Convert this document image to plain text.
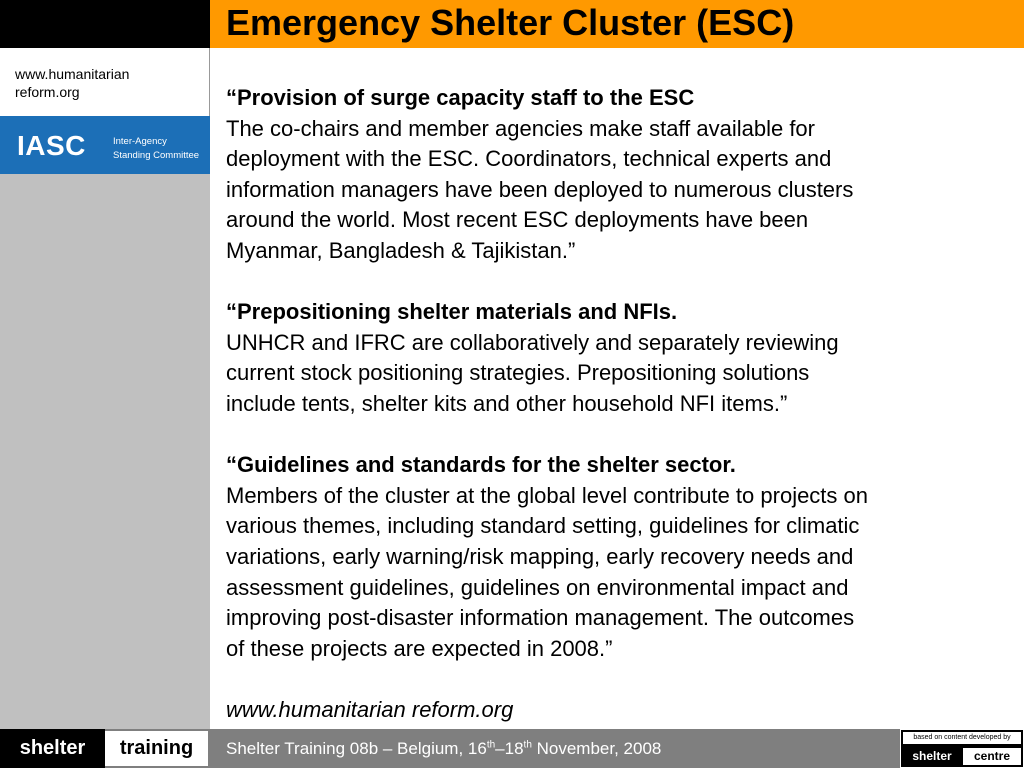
Emergency Shelter Cluster (ESC)
www.humanitarian
reform.org
IASC	Inter-Agency
Standing Committee

“Provision of surge capacity staff to the ESC

The co-chairs and member agencies make staff available for

deployment with the ESC. Coordinators, technical experts and

information managers have been deployed to numerous clusters

around the world. Most recent ESC deployments have been

Myanmar, Bangladesh & Tajikistan.”

“Prepositioning shelter materials and NFIs.

UNHCR and IFRC are collaboratively and separately reviewing

current stock positioning strategies. Prepositioning solutions

include tents, shelter kits and other household NFI items.”

“Guidelines and standards for the shelter sector.

Members of the cluster at the global level contribute to projects on

various themes, including standard setting, guidelines for climatic

variations, early warning/risk mapping, early recovery needs and

assessment guidelines, guidelines on environmental impact and

improving post-disaster information management. The outcomes

of these projects are expected in 2008.”

www.humanitarian reform.org

shelter	training	Shelter Training 08b – Belgium, 16th–18th November, 2008
based on content developed by
shelter	centre
